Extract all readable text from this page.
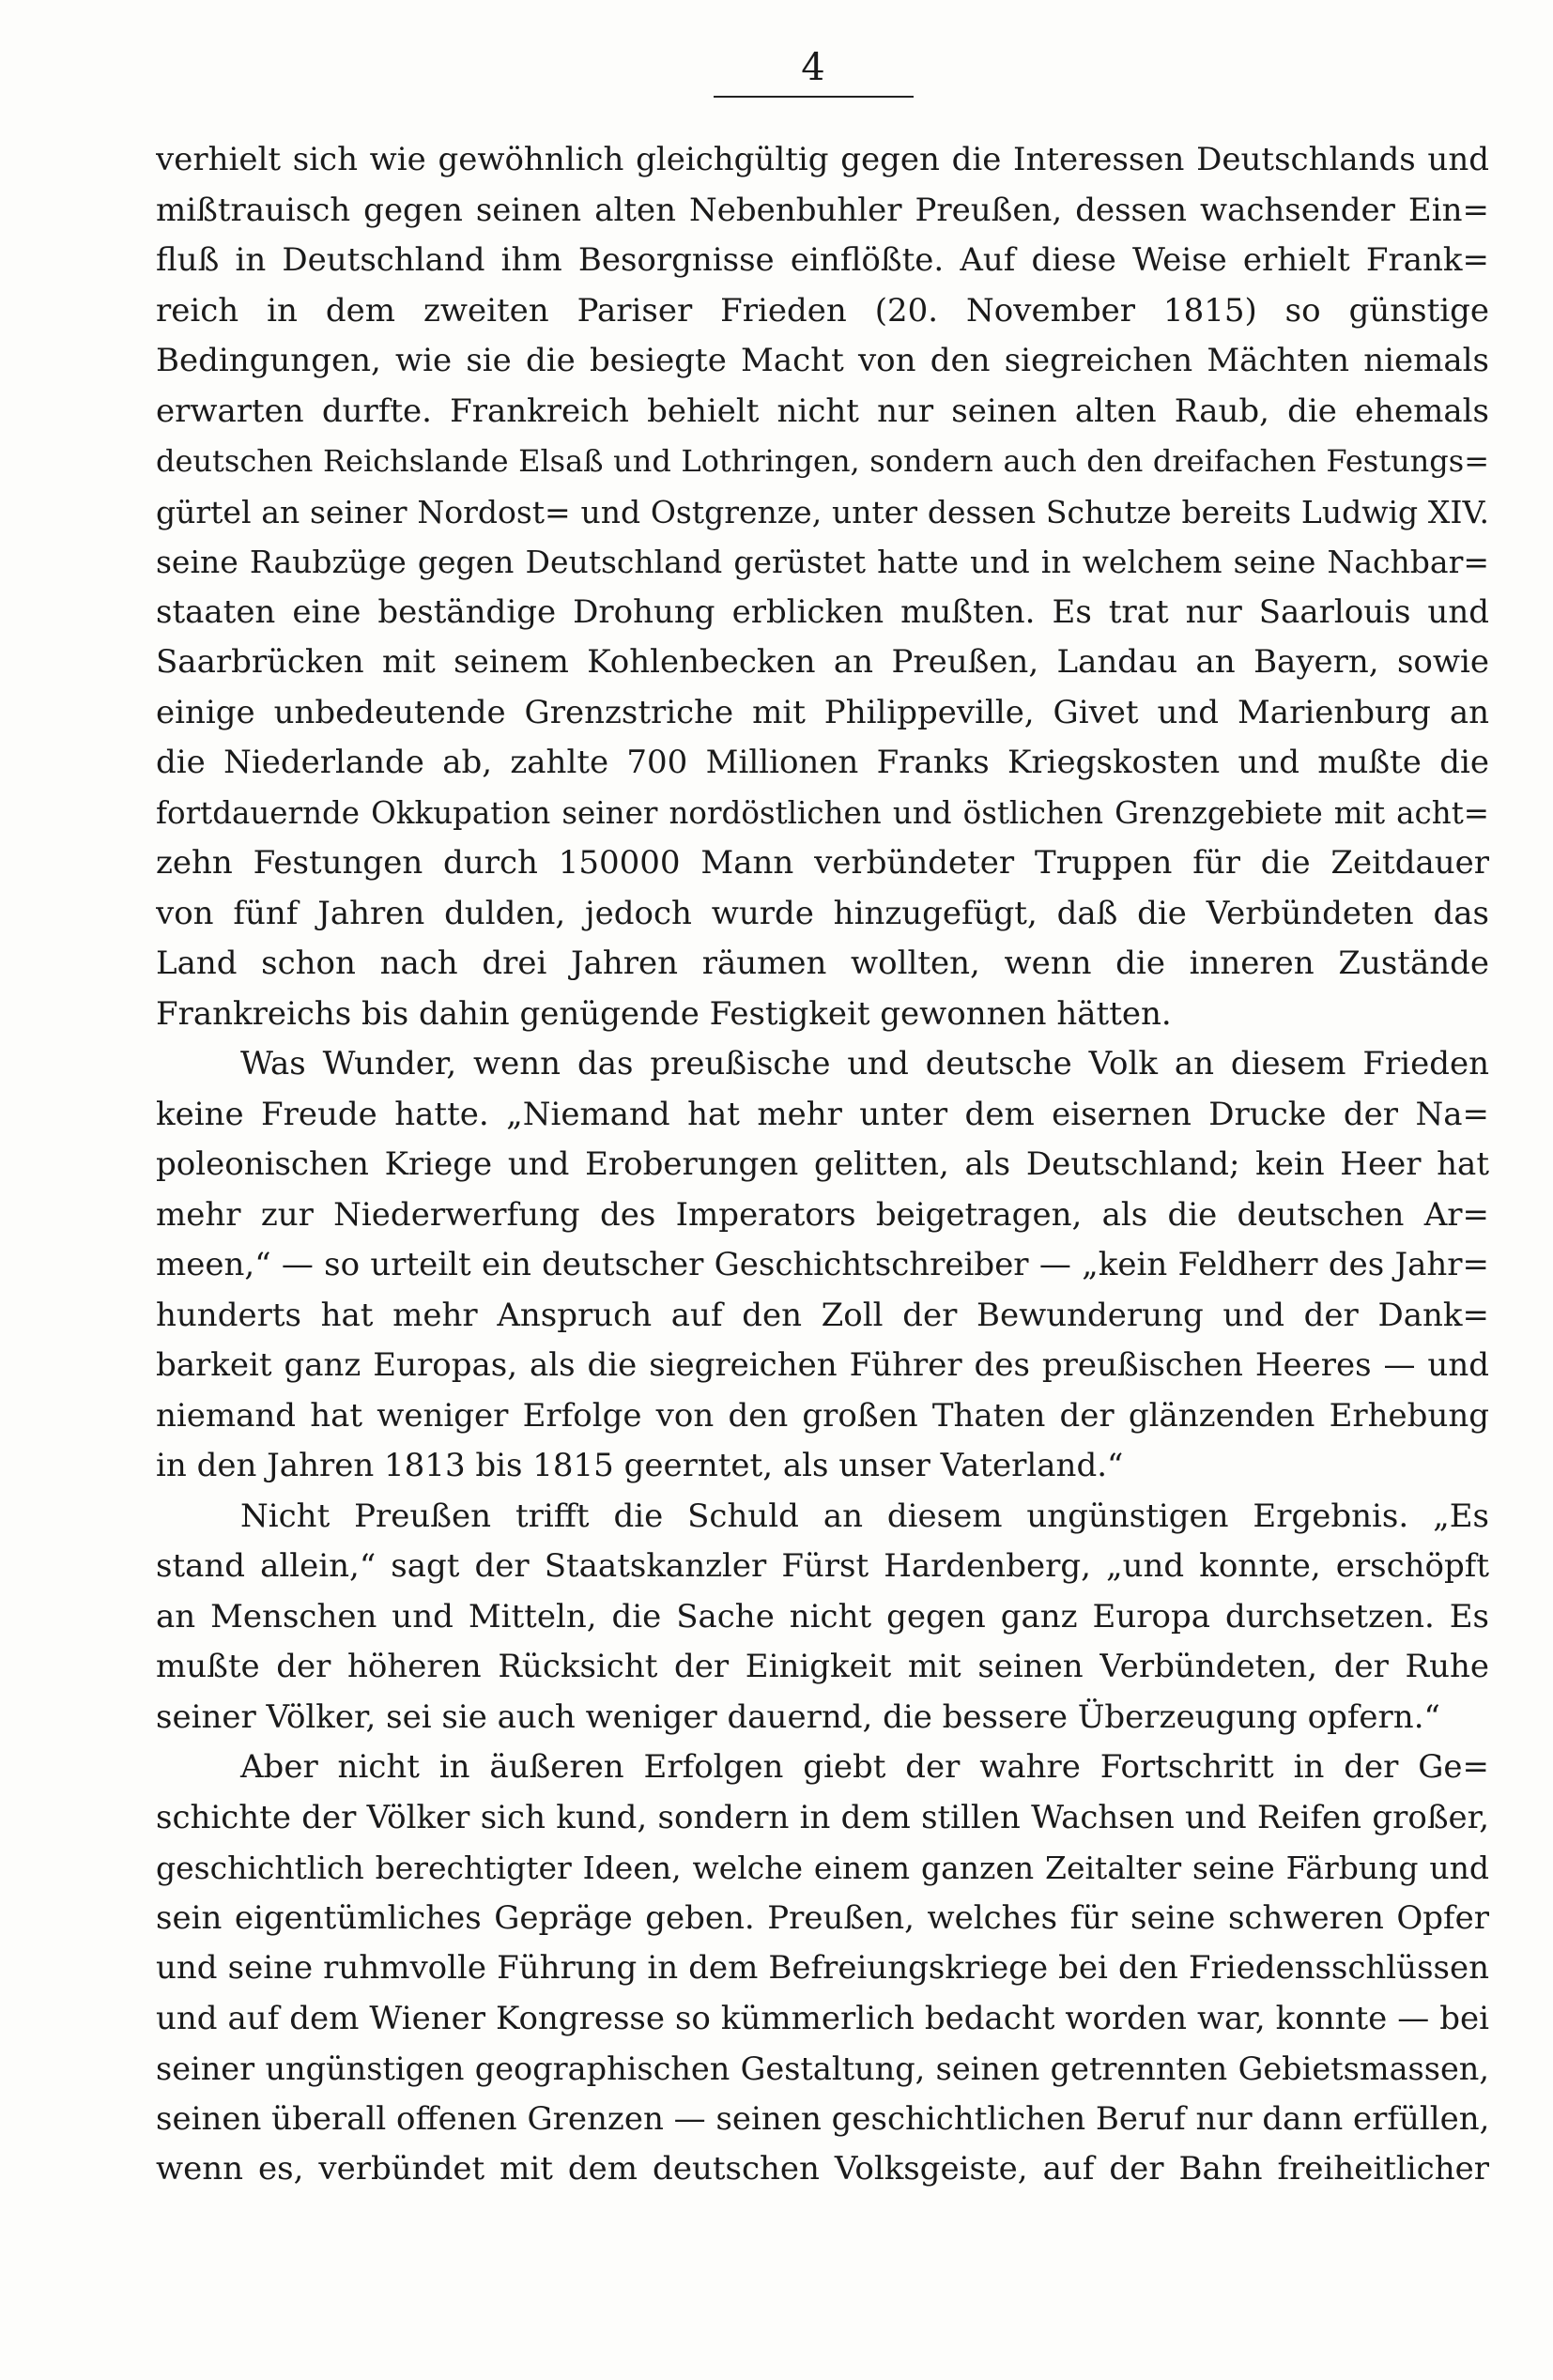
4
verhielt sich wie gewöhnlich gleichgültig gegen die Interessen Deutschlands und
mißtrauisch gegen seinen alten Nebenbuhler Preußen, dessen wachsender Ein=
fluß in Deutschland ihm Besorgnisse einflößte. Auf diese Weise erhielt Frank=
reich in dem zweiten Pariser Frieden (20. November 1815) so günstige
Bedingungen, wie sie die besiegte Macht von den siegreichen Mächten niemals
erwarten durfte. Frankreich behielt nicht nur seinen alten Raub, die ehemals
deutschen Reichslande Elsaß und Lothringen, sondern auch den dreifachen Festungs=
gürtel an seiner Nordost= und Ostgrenze, unter dessen Schutze bereits Ludwig XIV.
seine Raubzüge gegen Deutschland gerüstet hatte und in welchem seine Nachbar=
staaten eine beständige Drohung erblicken mußten. Es trat nur Saarlouis und
Saarbrücken mit seinem Kohlenbecken an Preußen, Landau an Bayern, sowie
einige unbedeutende Grenzstriche mit Philippeville, Givet und Marienburg an
die Niederlande ab, zahlte 700 Millionen Franks Kriegskosten und mußte die
fortdauernde Okkupation seiner nordöstlichen und östlichen Grenzgebiete mit acht=
zehn Festungen durch 150000 Mann verbündeter Truppen für die Zeitdauer
von fünf Jahren dulden, jedoch wurde hinzugefügt, daß die Verbündeten das
Land schon nach drei Jahren räumen wollten, wenn die inneren Zustände
Frankreichs bis dahin genügende Festigkeit gewonnen hätten.
Was Wunder, wenn das preußische und deutsche Volk an diesem Frieden
keine Freude hatte. „Niemand hat mehr unter dem eisernen Drucke der Na=
poleonischen Kriege und Eroberungen gelitten, als Deutschland; kein Heer hat
mehr zur Niederwerfung des Imperators beigetragen, als die deutschen Ar=
meen,“ — so urteilt ein deutscher Geschichtschreiber — „kein Feldherr des Jahr=
hunderts hat mehr Anspruch auf den Zoll der Bewunderung und der Dank=
barkeit ganz Europas, als die siegreichen Führer des preußischen Heeres — und
niemand hat weniger Erfolge von den großen Thaten der glänzenden Erhebung
in den Jahren 1813 bis 1815 geerntet, als unser Vaterland.“
Nicht Preußen trifft die Schuld an diesem ungünstigen Ergebnis. „Es
stand allein,“ sagt der Staatskanzler Fürst Hardenberg, „und konnte, erschöpft
an Menschen und Mitteln, die Sache nicht gegen ganz Europa durchsetzen. Es
mußte der höheren Rücksicht der Einigkeit mit seinen Verbündeten, der Ruhe
seiner Völker, sei sie auch weniger dauernd, die bessere Überzeugung opfern.“
Aber nicht in äußeren Erfolgen giebt der wahre Fortschritt in der Ge=
schichte der Völker sich kund, sondern in dem stillen Wachsen und Reifen großer,
geschichtlich berechtigter Ideen, welche einem ganzen Zeitalter seine Färbung und
sein eigentümliches Gepräge geben. Preußen, welches für seine schweren Opfer
und seine ruhmvolle Führung in dem Befreiungskriege bei den Friedensschlüssen
und auf dem Wiener Kongresse so kümmerlich bedacht worden war, konnte — bei
seiner ungünstigen geographischen Gestaltung, seinen getrennten Gebietsmassen,
seinen überall offenen Grenzen — seinen geschichtlichen Beruf nur dann erfüllen,
wenn es, verbündet mit dem deutschen Volksgeiste, auf der Bahn freiheitlicher
